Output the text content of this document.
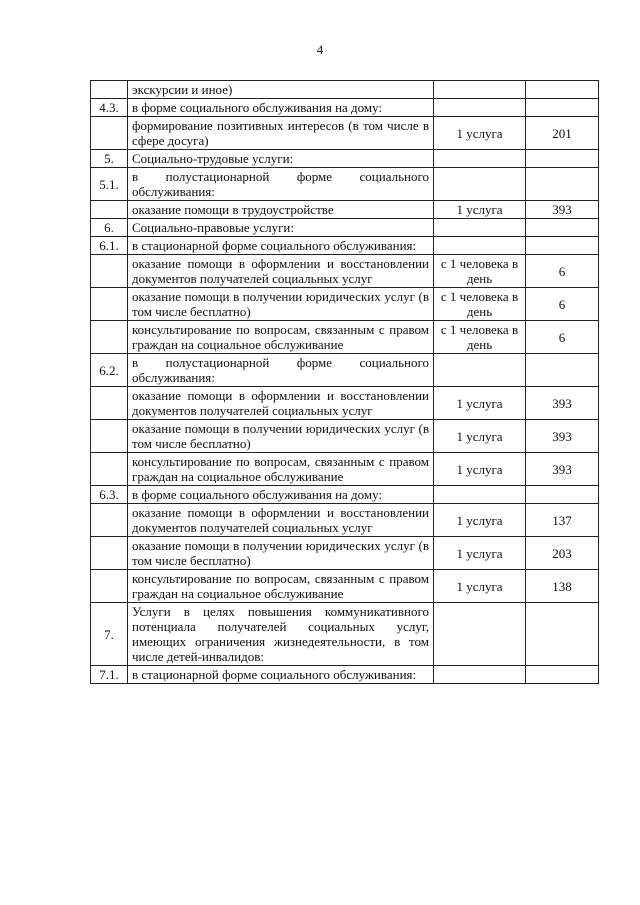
4
	экскурсии и иное)		
4.3.	в форме социального обслуживания на дому:		
	формирование позитивных интересов (в том числе в сфере досуга)	1 услуга	201
5.	Социально-трудовые услуги:		
5.1.	в полустационарной форме социального обслуживания:		
	оказание помощи в трудоустройстве	1 услуга	393
6.	Социально-правовые услуги:		
6.1.	в стационарной форме социального обслуживания:		
	оказание помощи в оформлении и восстановлении документов получателей социальных услуг	с 1 человека в день	6
	оказание помощи в получении юридических услуг (в том числе бесплатно)	с 1 человека в день	6
	консультирование по вопросам, связанным с правом граждан на социальное обслуживание	с 1 человека в день	6
6.2.	в полустационарной форме социального обслуживания:		
	оказание помощи в оформлении и восстановлении документов получателей социальных услуг	1 услуга	393
	оказание помощи в получении юридических услуг (в том числе бесплатно)	1 услуга	393
	консультирование по вопросам, связанным с правом граждан на социальное обслуживание	1 услуга	393
6.3.	в форме социального обслуживания на дому:		
	оказание помощи в оформлении и восстановлении документов получателей социальных услуг	1 услуга	137
	оказание помощи в получении юридических услуг (в том числе бесплатно)	1 услуга	203
	консультирование по вопросам, связанным с правом граждан на социальное обслуживание	1 услуга	138
7.	Услуги в целях повышения коммуникативного потенциала получателей социальных услуг, имеющих ограничения жизнедеятельности, в том числе детей-инвалидов:		
7.1.	в стационарной форме социального обслуживания:		
